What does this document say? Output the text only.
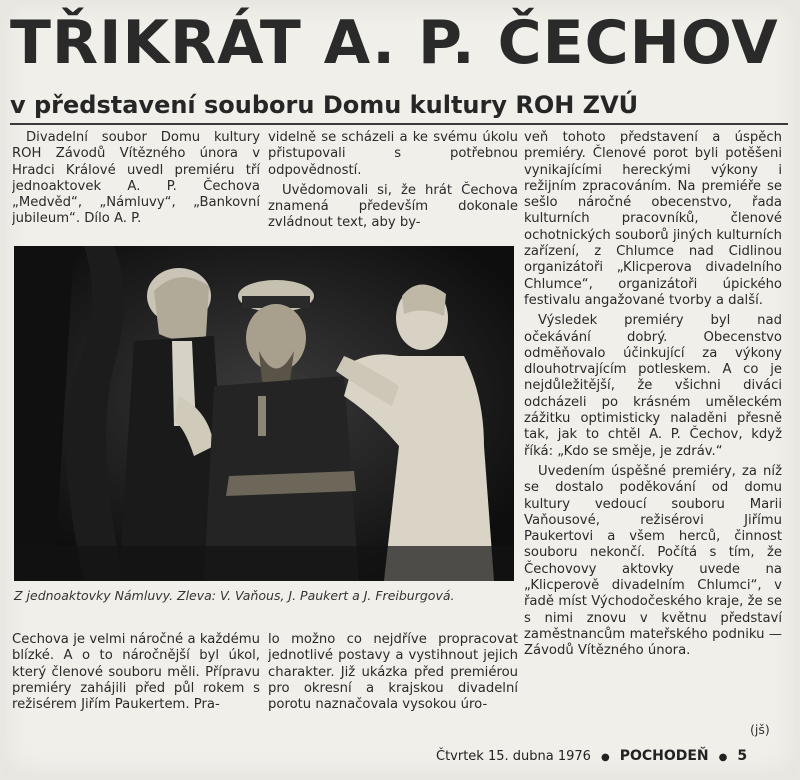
TŘIKRÁT A. P. ČECHOV
v představení souboru Domu kultury ROH ZVÚ

Divadelní soubor Domu kultury ROH Závodů Vítězného února v Hradci Králové uvedl premiéru tří jednoaktovek A. P. Čechova „Medvěd“, „Námluvy“, „Bankovní jubileum“. Dílo A. P.

videlně se scházeli a ke svému úkolu přistupovali s potřebnou odpovědností.

Uvědomovali si, že hrát Čechova znamená především dokonale zvládnout text, aby by-

veň tohoto představení a úspěch premiéry. Členové porot byli potěšeni vynikajícími hereckými výkony i režijním zpracováním. Na premiéře se sešlo náročné obecenstvo, řada kulturních pracovníků, členové ochotnických souborů jiných kulturních zařízení, z Chlumce nad Cidlinou organizátoři „Klicperova divadelního Chlumce“, organizátoři úpického festivalu angažované tvorby a další.

Výsledek premiéry byl nad očekávání dobrý. Obecenstvo odměňovalo účinkující za výkony dlouhotrvajícím potleskem. A co je nejdůležitější, že všichni diváci odcházeli po krásném uměleckém zážitku optimisticky naladěni přesně tak, jak to chtěl A. P. Čechov, když říká: „Kdo se směje, je zdráv.“

Uvedením úspěšné premiéry, za níž se dostalo poděkování od domu kultury vedoucí souboru Marii Vaňousové, režisérovi Jiřímu Paukertovi a všem herců, činnost souboru nekončí. Počítá s tím, že Čechovovy aktovky uvede na „Klicperově divadelním Chlumci“, v řadě míst Východočeského kraje, že se s nimi znovu v květnu představí zaměstnancům mateřského podniku — Závodů Vítězného února.

Z jednoaktovky Námluvy. Zleva: V. Vaňous, J. Paukert a J. Freiburgová.

Čechova je velmi náročné a každému blízké. A o to náročnější byl úkol, který členové souboru měli. Přípravu premiéry zahájili před půl rokem s režisérem Jiřím Paukertem. Pra-

lo možno co nejdříve propracovat jednotlivé postavy a vystihnout jejich charakter. Již ukázka před premiérou pro okresní a krajskou divadelní porotu naznačovala vysokou úro-

(jš)
Čtvrtek 15. dubna 1976 ● POCHODEŇ ● 5
